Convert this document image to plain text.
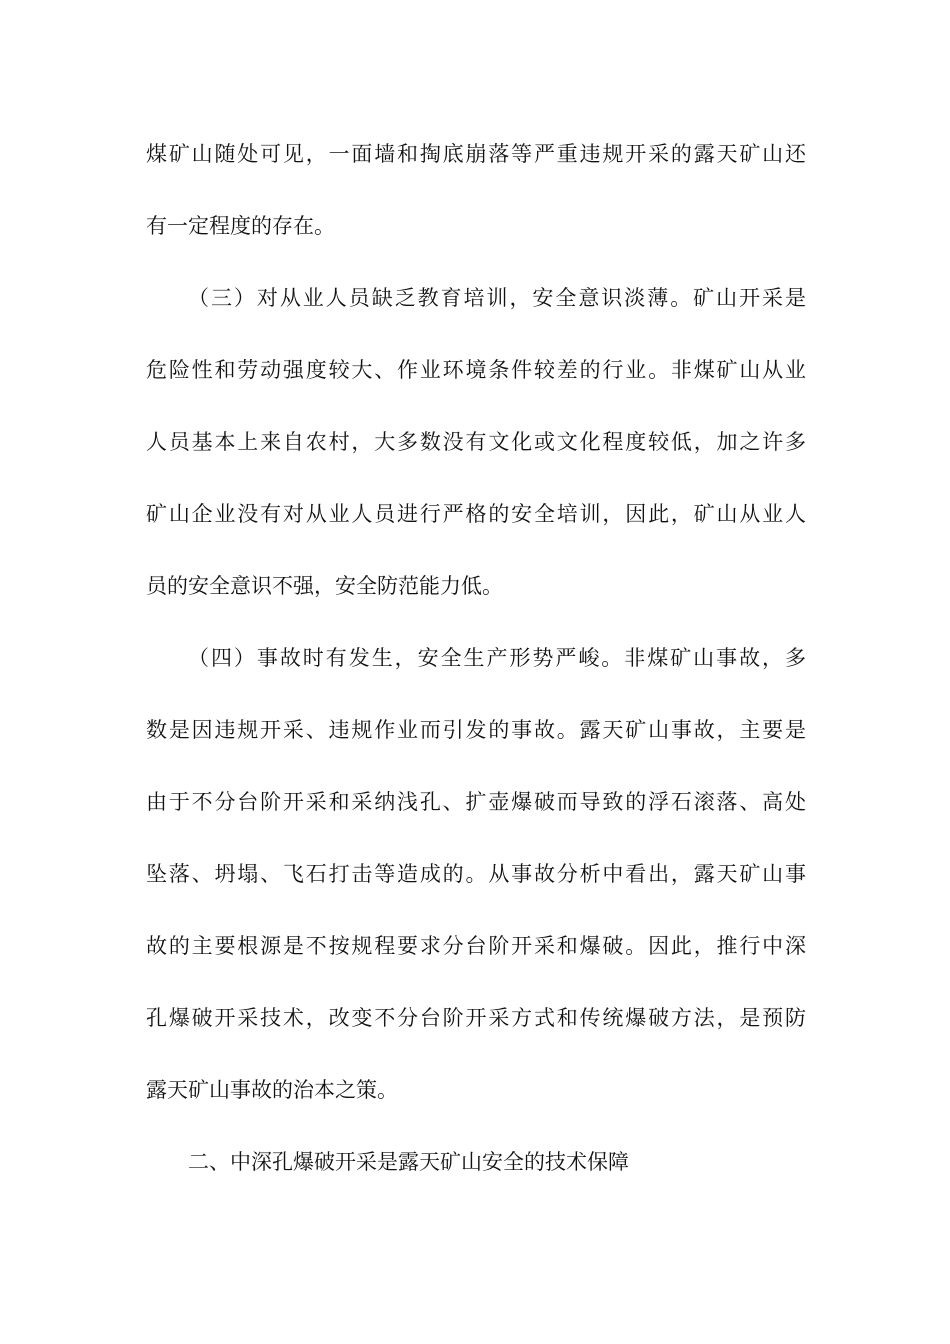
煤矿山随处可见，一面墙和掏底崩落等严重违规开采的露天矿山还
有一定程度的存在。
（三）对从业人员缺乏教育培训，安全意识淡薄。矿山开采是
危险性和劳动强度较大、作业环境条件较差的行业。非煤矿山从业
人员基本上来自农村，大多数没有文化或文化程度较低，加之许多
矿山企业没有对从业人员进行严格的安全培训，因此，矿山从业人
员的安全意识不强，安全防范能力低。
（四）事故时有发生，安全生产形势严峻。非煤矿山事故，多
数是因违规开采、违规作业而引发的事故。露天矿山事故，主要是
由于不分台阶开采和采纳浅孔、扩壶爆破而导致的浮石滚落、高处
坠落、坍塌、飞石打击等造成的。从事故分析中看出，露天矿山事
故的主要根源是不按规程要求分台阶开采和爆破。因此，推行中深
孔爆破开采技术，改变不分台阶开采方式和传统爆破方法，是预防
露天矿山事故的治本之策。
二、中深孔爆破开采是露天矿山安全的技术保障
